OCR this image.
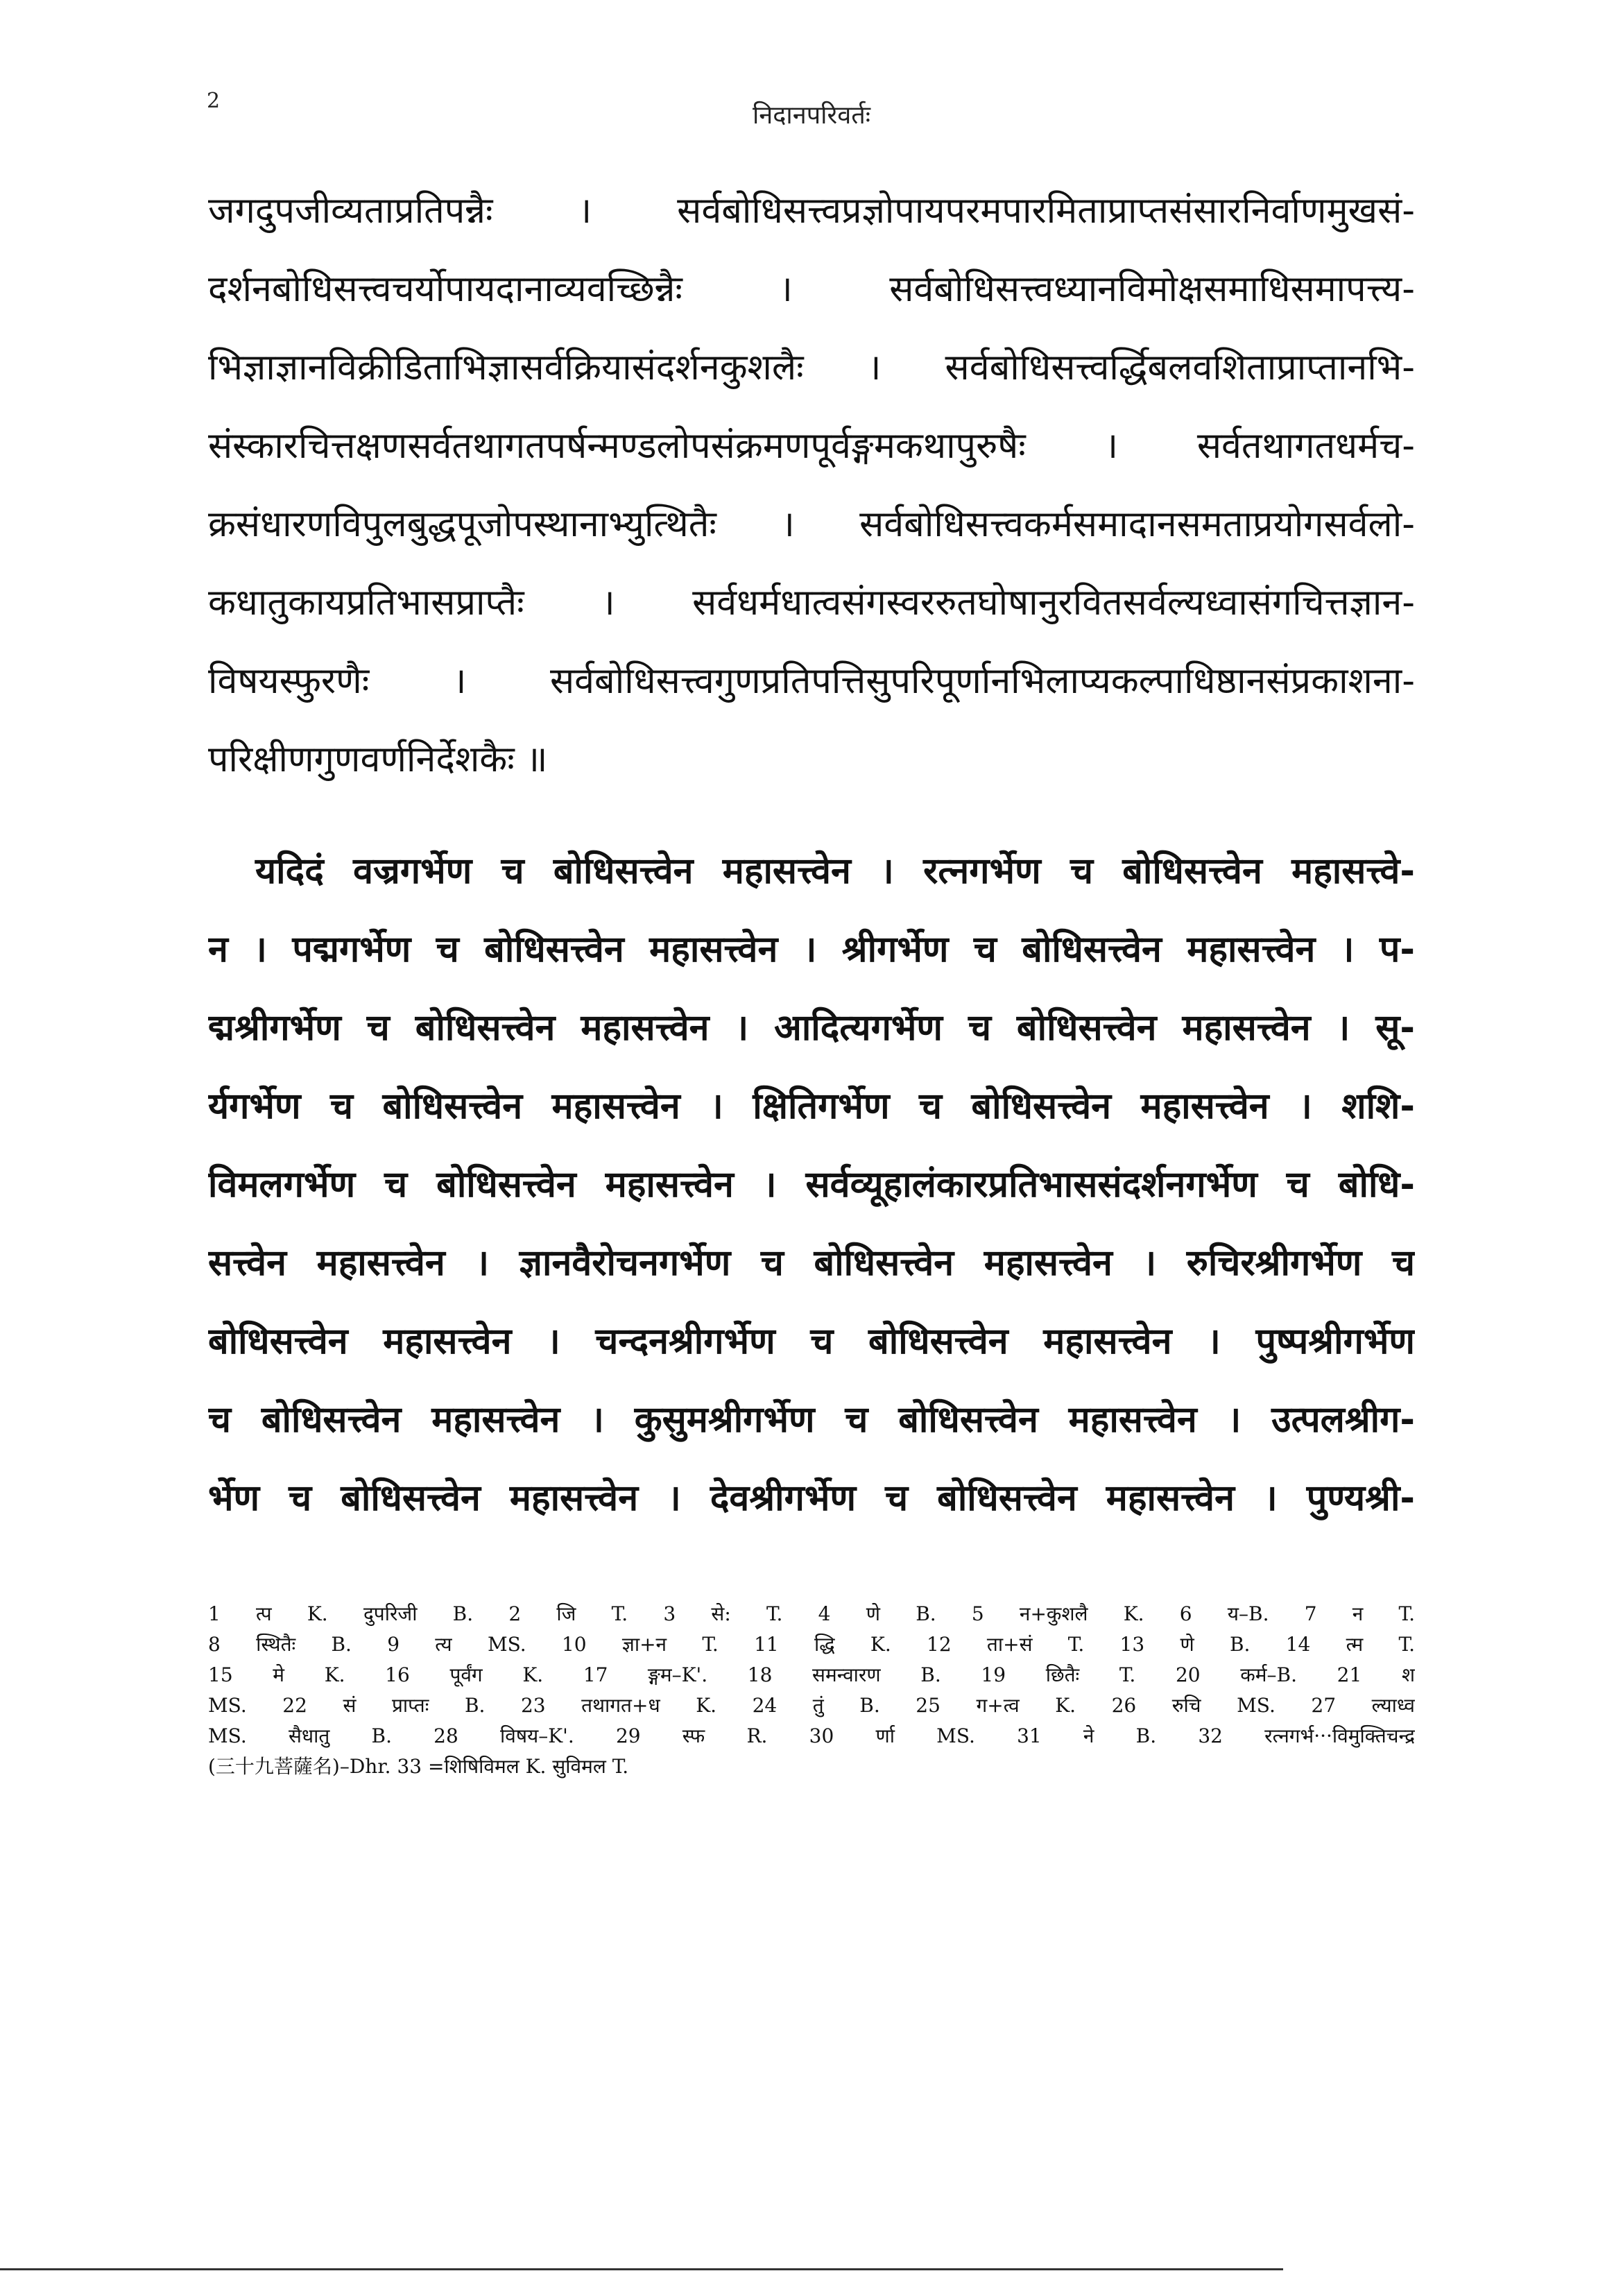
2
निदानपरिवर्तः
जगदुपजीव्यताप्रतिपन्नैः । सर्वबोधिसत्त्वप्रज्ञोपायपरमपारमिताप्राप्तसंसारनिर्वाणमुखसं-
दर्शनबोधिसत्त्वचर्योपायदानाव्यवच्छिन्नैः । सर्वबोधिसत्त्वध्यानविमोक्षसमाधिसमापत्त्य-
भिज्ञाज्ञानविक्रीडिताभिज्ञासर्वक्रियासंदर्शनकुशलैः । सर्वबोधिसत्त्वर्द्धिबलवशिताप्राप्तानभि-
संस्कारचित्तक्षणसर्वतथागतपर्षन्मण्डलोपसंक्रमणपूर्वङ्गमकथापुरुषैः । सर्वतथागतधर्मच-
क्रसंधारणविपुलबुद्धपूजोपस्थानाभ्युत्थितैः । सर्वबोधिसत्त्वकर्मसमादानसमताप्रयोगसर्वलो-
कधातुकायप्रतिभासप्राप्तैः । सर्वधर्मधात्वसंगस्वररुतघोषानुरवितसर्वल्यध्वासंगचित्तज्ञान-
विषयस्फुरणैः । सर्वबोधिसत्त्वगुणप्रतिपत्तिसुपरिपूर्णानभिलाप्यकल्पाधिष्ठानसंप्रकाशना-
परिक्षीणगुणवर्णनिर्देशकैः ॥
यदिदं वज्रगर्भेण च बोधिसत्त्वेन महासत्त्वेन । रत्नगर्भेण च बोधिसत्त्वेन महासत्त्वे-
न । पद्मगर्भेण च बोधिसत्त्वेन महासत्त्वेन । श्रीगर्भेण च बोधिसत्त्वेन महासत्त्वेन । प-
द्मश्रीगर्भेण च बोधिसत्त्वेन महासत्त्वेन । आदित्यगर्भेण च बोधिसत्त्वेन महासत्त्वेन । सू-
र्यगर्भेण च बोधिसत्त्वेन महासत्त्वेन । क्षितिगर्भेण च बोधिसत्त्वेन महासत्त्वेन । शशि-
विमलगर्भेण च बोधिसत्त्वेन महासत्त्वेन । सर्वव्यूहालंकारप्रतिभाससंदर्शनगर्भेण च बोधि-
सत्त्वेन महासत्त्वेन । ज्ञानवैरोचनगर्भेण च बोधिसत्त्वेन महासत्त्वेन । रुचिरश्रीगर्भेण च
बोधिसत्त्वेन महासत्त्वेन । चन्दनश्रीगर्भेण च बोधिसत्त्वेन महासत्त्वेन । पुष्पश्रीगर्भेण
च बोधिसत्त्वेन महासत्त्वेन । कुसुमश्रीगर्भेण च बोधिसत्त्वेन महासत्त्वेन । उत्पलश्रीग-
र्भेण च बोधिसत्त्वेन महासत्त्वेन । देवश्रीगर्भेण च बोधिसत्त्वेन महासत्त्वेन । पुण्यश्री-
1 त्प K. दुपरिजी B. 2 जि T. 3 से: T. 4 णे B. 5 न+कुशलै K. 6 य–B. 7 न T.
8 स्थितैः B. 9 त्य MS. 10 ज्ञा+न T. 11 द्धि K. 12 ता+सं T. 13 णे B. 14 त्म T.
15 मे K. 16 पूर्वंग K. 17 ङ्गम–K'. 18 समन्वारण B. 19 छितैः T. 20 कर्म–B. 21 श
MS. 22 सं प्राप्तः B. 23 तथागत+ध K. 24 तुं B. 25 ग+त्व K. 26 रुचि MS. 27 ल्याध्व
MS. सैधातु B. 28 विषय–K'. 29 स्फ R. 30 र्णा MS. 31 ने B. 32 रत्नगर्भ···विमुक्तिचन्द्र
(三十九菩薩名)–Dhr. 33 =शिषिविमल K. सुविमल T.
